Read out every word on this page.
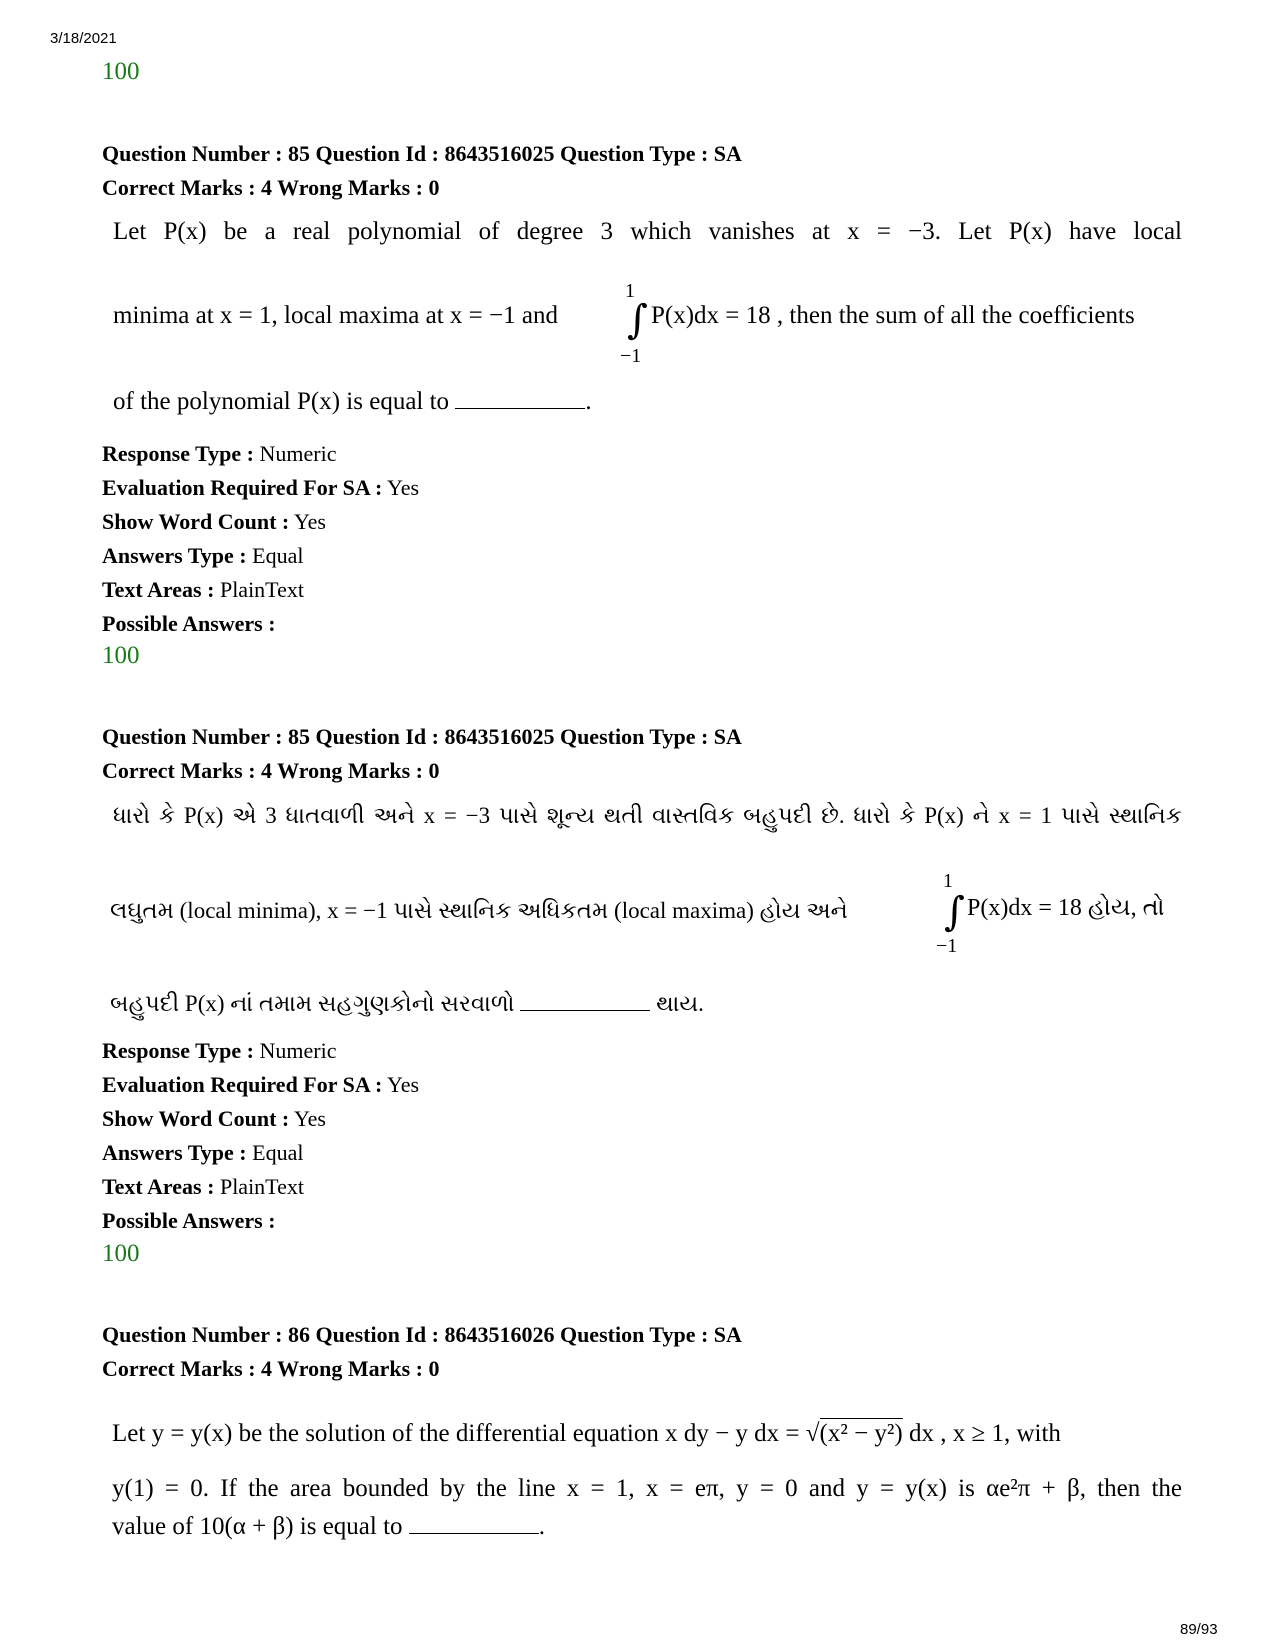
3/18/2021
100
Question Number : 85 Question Id : 8643516025 Question Type : SA
Correct Marks : 4 Wrong Marks : 0
Let P(x) be a real polynomial of degree 3 which vanishes at x = −3. Let P(x) have local
minima at x = 1, local maxima at x = −1 and
1
∫
−1
P(x)dx = 18 , then the sum of all the coefficients
of the polynomial P(x) is equal to	.
Response Type : Numeric
Evaluation Required For SA : Yes
Show Word Count : Yes
Answers Type : Equal
Text Areas : PlainText
Possible Answers :
100
Question Number : 85 Question Id : 8643516025 Question Type : SA
Correct Marks : 4 Wrong Marks : 0
ધારો કે P(x) એ 3 ધાતવાળી અને x = −3 પાસે શૂન્ય થતી વાસ્તવિક બહુપદી છે. ધારો કે P(x) ને x = 1 પાસે સ્થાનિક
લઘુતમ (local minima), x = −1 પાસે સ્થાનિક અધિકતમ (local maxima) હોય અને
1
∫
−1
P(x)dx = 18 હોય, તો
બહુપદી P(x) નાં તમામ સહગુણકોનો સરવાળો	થાય.
Response Type : Numeric
Evaluation Required For SA : Yes
Show Word Count : Yes
Answers Type : Equal
Text Areas : PlainText
Possible Answers :
100
Question Number : 86 Question Id : 8643516026 Question Type : SA
Correct Marks : 4 Wrong Marks : 0
Let y = y(x) be the solution of the differential equation x dy − y dx = √(x² − y²) dx , x ≥ 1, with
y(1) = 0. If the area bounded by the line x = 1, x = eπ, y = 0 and y = y(x) is αe²π + β, then the
value of 10(α + β) is equal to	.
89/93
